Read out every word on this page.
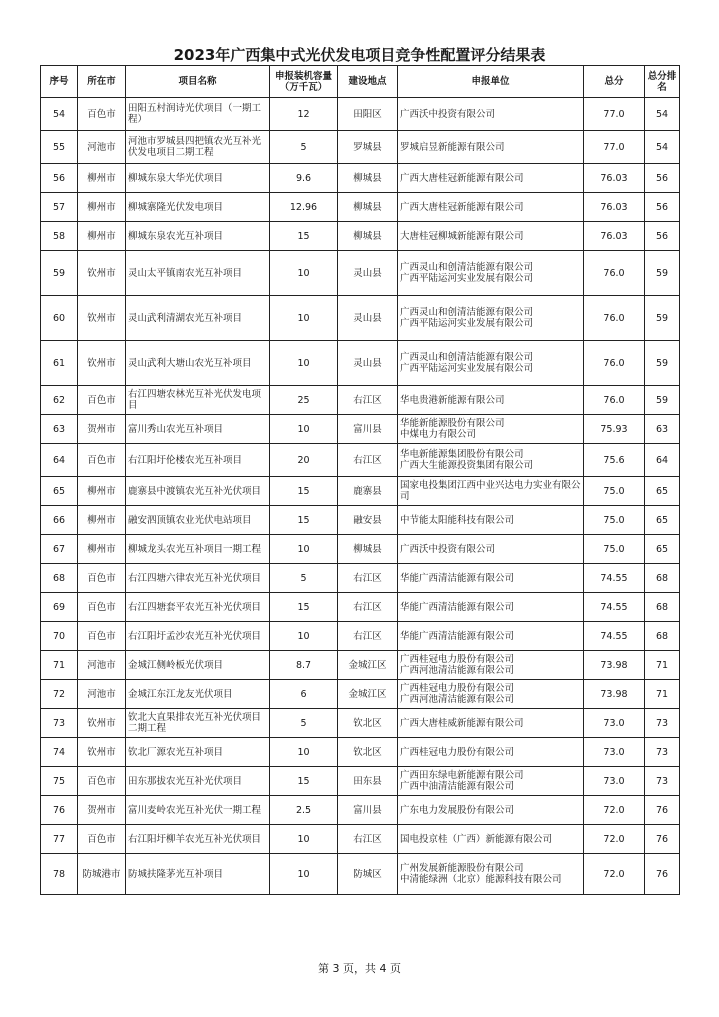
2023年广西集中式光伏发电项目竞争性配置评分结果表
序号	所在市	项目名称	申报装机容量（万千瓦）	建设地点	申报单位	总分	总分排名
54	百色市	田阳五村润诗光伏项目（一期工程）	12	田阳区	广西沃中投资有限公司	77.0	54
55	河池市	河池市罗城县四把镇农光互补光伏发电项目二期工程	5	罗城县	罗城启昱新能源有限公司	77.0	54
56	柳州市	柳城东泉大华光伏项目	9.6	柳城县	广西大唐桂冠新能源有限公司	76.03	56
57	柳州市	柳城寨隆光伏发电项目	12.96	柳城县	广西大唐桂冠新能源有限公司	76.03	56
58	柳州市	柳城东泉农光互补项目	15	柳城县	大唐桂冠柳城新能源有限公司	76.03	56
59	钦州市	灵山太平镇南农光互补项目	10	灵山县	广西灵山和创清洁能源有限公司
广西平陆运河实业发展有限公司	76.0	59
60	钦州市	灵山武利清湖农光互补项目	10	灵山县	广西灵山和创清洁能源有限公司
广西平陆运河实业发展有限公司	76.0	59
61	钦州市	灵山武利大塘山农光互补项目	10	灵山县	广西灵山和创清洁能源有限公司
广西平陆运河实业发展有限公司	76.0	59
62	百色市	右江四塘农林光互补光伏发电项目	25	右江区	华电贵港新能源有限公司	76.0	59
63	贺州市	富川秀山农光互补项目	10	富川县	华能新能源股份有限公司
中煤电力有限公司	75.93	63
64	百色市	右江阳圩伦楼农光互补项目	20	右江区	华电新能源集团股份有限公司
广西大生能源投资集团有限公司	75.6	64
65	柳州市	鹿寨县中渡镇农光互补光伏项目	15	鹿寨县	国家电投集团江西中业兴达电力实业有限公司	75.0	65
66	柳州市	融安泗顶镇农业光伏电站项目	15	融安县	中节能太阳能科技有限公司	75.0	65
67	柳州市	柳城龙头农光互补项目一期工程	10	柳城县	广西沃中投资有限公司	75.0	65
68	百色市	右江四塘六律农光互补光伏项目	5	右江区	华能广西清洁能源有限公司	74.55	68
69	百色市	右江四塘套平农光互补光伏项目	15	右江区	华能广西清洁能源有限公司	74.55	68
70	百色市	右江阳圩孟沙农光互补光伏项目	10	右江区	华能广西清洁能源有限公司	74.55	68
71	河池市	金城江侧岭板光伏项目	8.7	金城江区	广西桂冠电力股份有限公司
广西河池清洁能源有限公司	73.98	71
72	河池市	金城江东江龙友光伏项目	6	金城江区	广西桂冠电力股份有限公司
广西河池清洁能源有限公司	73.98	71
73	钦州市	钦北大直果排农光互补光伏项目二期工程	5	钦北区	广西大唐桂威新能源有限公司	73.0	73
74	钦州市	钦北厂源农光互补项目	10	钦北区	广西桂冠电力股份有限公司	73.0	73
75	百色市	田东那拔农光互补光伏项目	15	田东县	广西田东绿电新能源有限公司
广西中油清洁能源有限公司	73.0	73
76	贺州市	富川麦岭农光互补光伏一期工程	2.5	富川县	广东电力发展股份有限公司	72.0	76
77	百色市	右江阳圩柳羊农光互补光伏项目	10	右江区	国电投京桂（广西）新能源有限公司	72.0	76
78	防城港市	防城扶隆茅光互补项目	10	防城区	广州发展新能源股份有限公司
中清能绿洲（北京）能源科技有限公司	72.0	76
第 3 页，共 4 页
